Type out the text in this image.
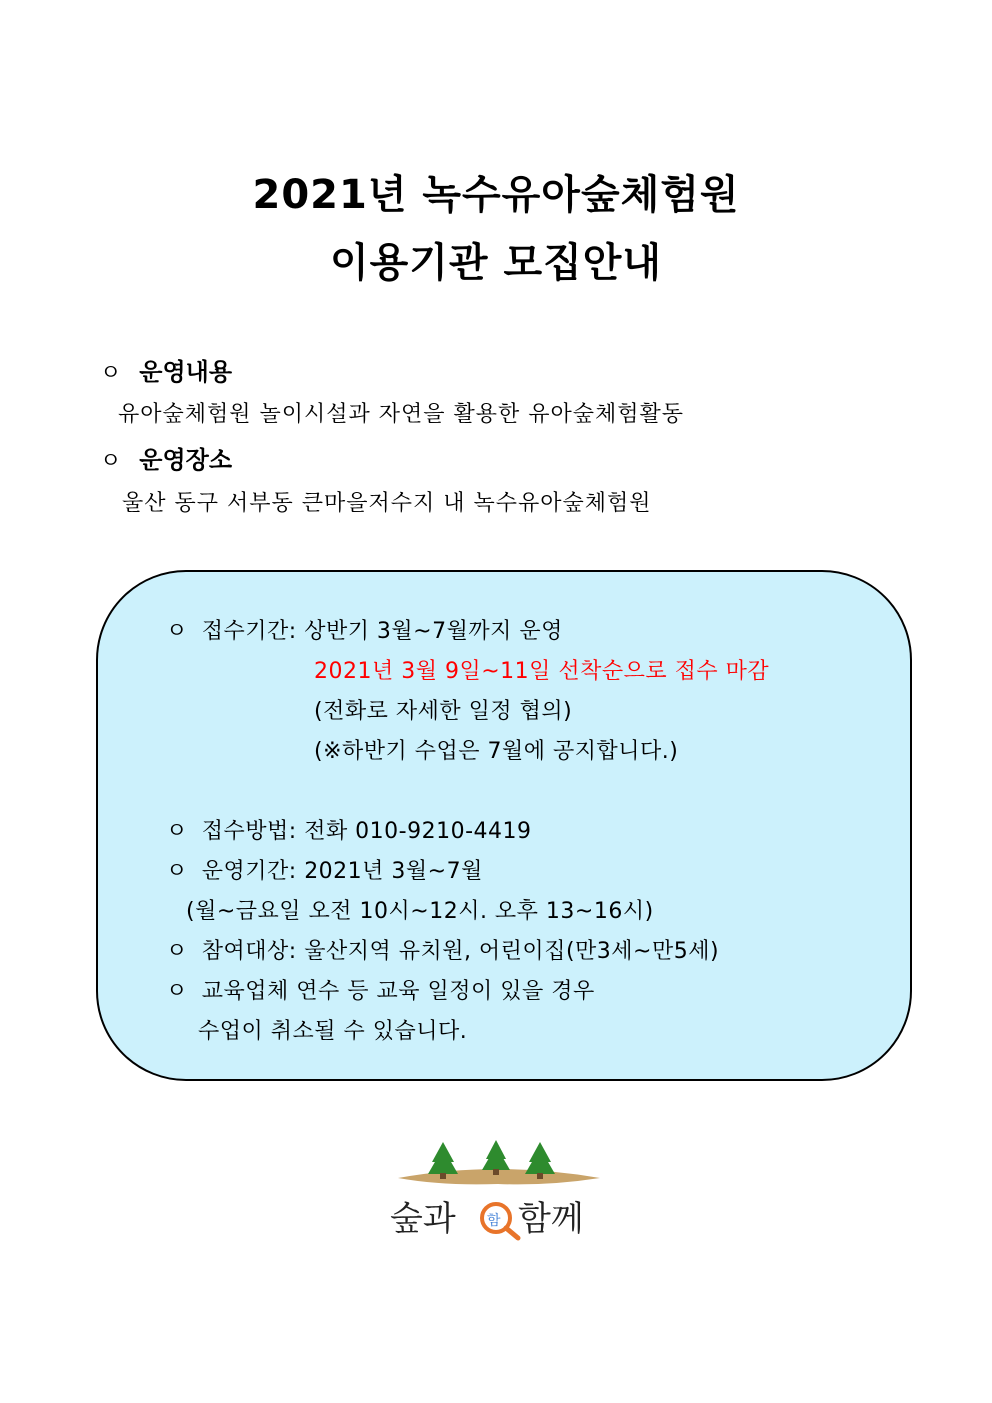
2021년 녹수유아숲체험원
이용기관 모집안내
ㅇ 운영내용
유아숲체험원 놀이시설과 자연을 활용한 유아숲체험활동
ㅇ 운영장소
울산 동구 서부동 큰마을저수지 내 녹수유아숲체험원
ㅇ 접수기간: 상반기 3월~7월까지 운영
2021년 3월 9일~11일 선착순으로 접수 마감
(전화로 자세한 일정 협의)
(※하반기 수업은 7월에 공지합니다.)
ㅇ 접수방법: 전화 010-9210-4419
ㅇ 운영기간: 2021년 3월~7월
(월~금요일 오전 10시~12시. 오후 13~16시)
ㅇ 참여대상: 울산지역 유치원, 어린이집(만3세~만5세)
ㅇ 교육업체 연수 등 교육 일정이 있을 경우
수업이 취소될 수 있습니다.
숲과 함 함께
